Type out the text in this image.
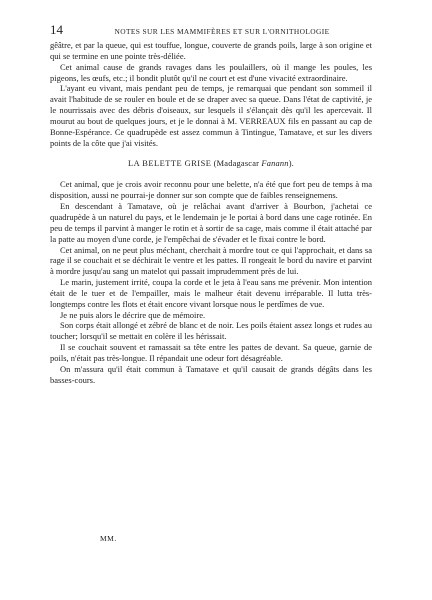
14	NOTES SUR LES MAMMIFÈRES ET SUR L'ORNITHOLOGIE

gêâtre, et par la queue, qui est touffue, longue, couverte de grands poils, large à son origine et qui se termine en une pointe très-déliée.

Cet animal cause de grands ravages dans les poulaillers, où il mange les poules, les pigeons, les œufs, etc.; il bondit plutôt qu'il ne court et est d'une vivacité extraordinaire.

L'ayant eu vivant, mais pendant peu de temps, je remarquai que pendant son sommeil il avait l'habitude de se rouler en boule et de se draper avec sa queue. Dans l'état de captivité, je le nourrissais avec des débris d'oiseaux, sur lesquels il s'élançait dès qu'il les apercevait. Il mourut au bout de quelques jours, et je le donnai à M. VERREAUX fils en passant au cap de Bonne-Espérance. Ce quadrupède est assez commun à Tintingue, Tamatave, et sur les divers points de la côte que j'ai visités.

LA BELETTE GRISE (Madagascar Fanann).

Cet animal, que je crois avoir reconnu pour une belette, n'a été que fort peu de temps à ma disposition, aussi ne pourrai-je donner sur son compte que de faibles renseignemens.

En descendant à Tamatave, où je relâchai avant d'arriver à Bourbon, j'achetai ce quadrupède à un naturel du pays, et le lendemain je le portai à bord dans une cage rotinée. En peu de temps il parvint à manger le rotin et à sortir de sa cage, mais comme il était attaché par la patte au moyen d'une corde, je l'empêchai de s'évader et le fixai contre le bord.

Cet animal, on ne peut plus méchant, cherchait à mordre tout ce qui l'approchait, et dans sa rage il se couchait et se déchirait le ventre et les pattes. Il rongeait le bord du navire et parvint à mordre jusqu'au sang un matelot qui passait imprudemment près de lui.

Le marin, justement irrité, coupa la corde et le jeta à l'eau sans me prévenir. Mon intention était de le tuer et de l'empailler, mais le malheur était devenu irréparable. Il lutta très-longtemps contre les flots et était encore vivant lorsque nous le perdîmes de vue.

Je ne puis alors le décrire que de mémoire.

Son corps était allongé et zébré de blanc et de noir. Les poils étaient assez longs et rudes au toucher; lorsqu'il se mettait en colère il les hérissait.

Il se couchait souvent et ramassait sa tête entre les pattes de devant. Sa queue, garnie de poils, n'était pas très-longue. Il répandait une odeur fort désagréable.

On m'assura qu'il était commun à Tamatave et qu'il causait de grands dégâts dans les basses-cours.

MM.
